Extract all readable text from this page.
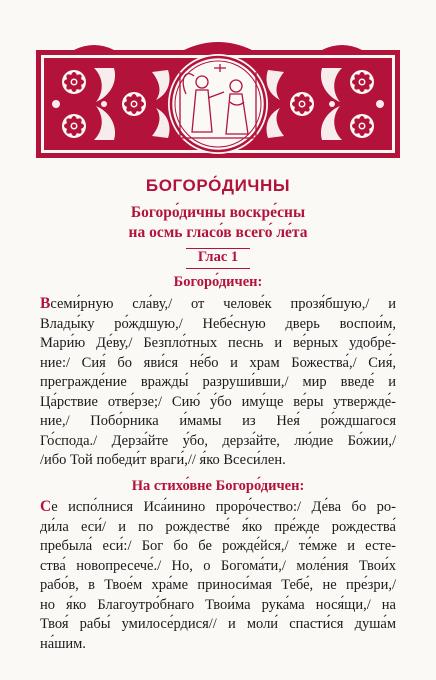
БОГОРО́ДИЧНЫ
Богоро́дичны воскре́сны
на осмь гласо́в всего́ ле́та
Глас 1
Богоро́дичен:
Всеми́рную сла́ву,/ от челове́к прозя́бшую,/ и
Влады́ку ро́ждшую,/ Небе́сную дверь воспои́м,
Мари́ю Де́ву,/ Безпло́тных песнь и ве́рных удобре́-
ние:/ Сия́ бо яви́ся не́бо и храм Божества́,/ Сия́,
прегражде́ние вражды́ разруши́вши,/ мир введе́ и
Ца́рствие отве́рзе;/ Сию́ у́бо иму́ще ве́ры утвержде́-
ние,/ Побо́рника и́мамы из Нея́ ро́ждшагося
Го́спода./ Дерза́йте у́бо, дерза́йте, лю́дие Бо́жии,/
/ибо Той победи́т враги́,// я́ко Всеси́лен.
На стихо́вне Богоро́дичен:
Се испо́лнися Иса́инино проро́чество:/ Де́ва бо ро-
ди́ла еси́/ и по рождестве́ я́ко пре́жде рождества́
пребыла́ еси́:/ Бог бо бе рожде́йся,/ те́мже и есте-
ства́ новопресече́./ Но, о Богома́ти,/ моле́ния Твои́х
рабо́в, в Твое́м хра́ме приноси́мая Тебе́, не пре́зри,/
но я́ко Благоутро́бнаго Твои́ма рука́ма нося́щи,/ на
Твоя́ рабы́ умилосе́рдися// и моли́ спасти́ся душа́м
на́шим.
